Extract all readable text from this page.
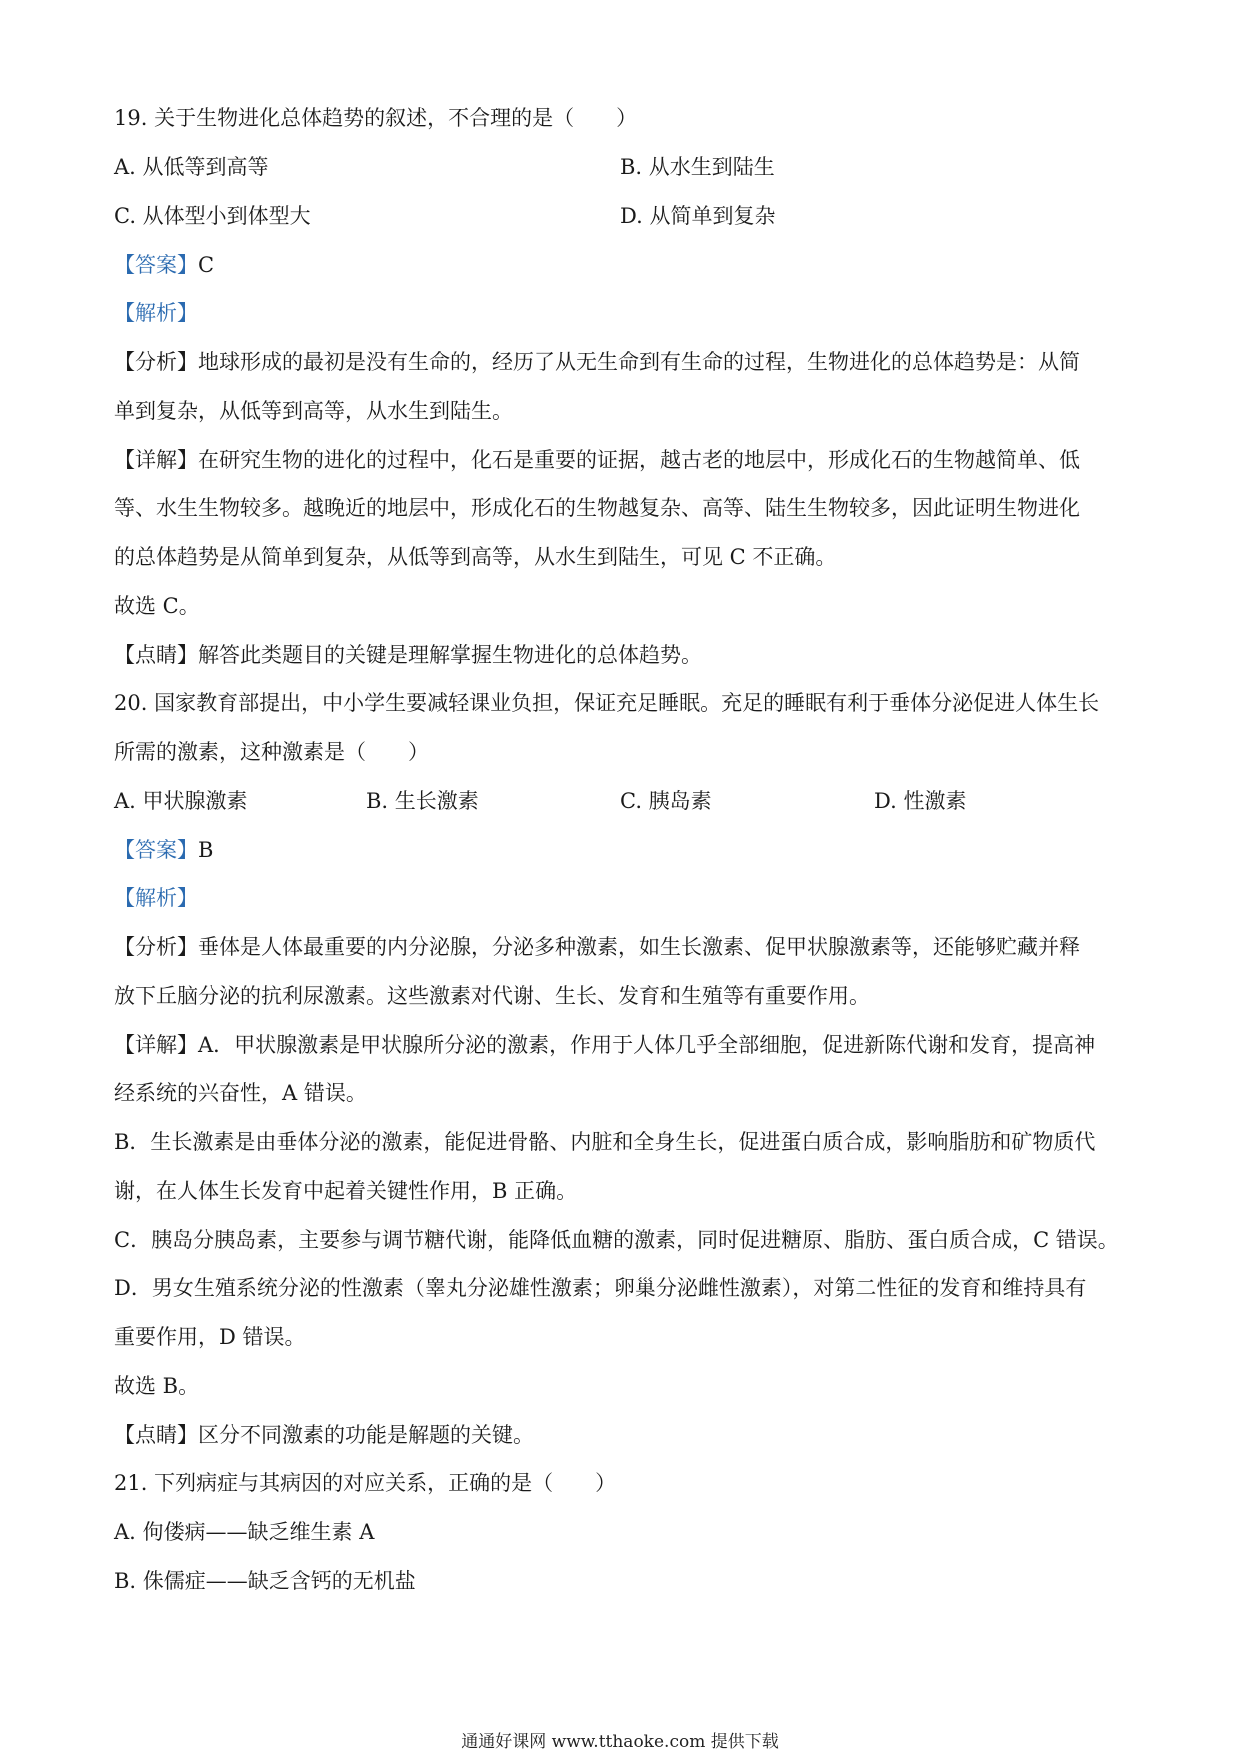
19. 关于生物进化总体趋势的叙述，不合理的是（　　）
A. 从低等到高等	B. 从水生到陆生
C. 从体型小到体型大	D. 从简单到复杂
【答案】C
【解析】
【分析】地球形成的最初是没有生命的，经历了从无生命到有生命的过程，生物进化的总体趋势是：从简
单到复杂，从低等到高等，从水生到陆生。
【详解】在研究生物的进化的过程中，化石是重要的证据，越古老的地层中，形成化石的生物越简单、低
等、水生生物较多。越晚近的地层中，形成化石的生物越复杂、高等、陆生生物较多，因此证明生物进化
的总体趋势是从简单到复杂，从低等到高等，从水生到陆生，可见 C 不正确。
故选 C。
【点睛】解答此类题目的关键是理解掌握生物进化的总体趋势。
20. 国家教育部提出，中小学生要减轻课业负担，保证充足睡眠。充足的睡眠有利于垂体分泌促进人体生长
所需的激素，这种激素是（　　）
A. 甲状腺激素	B. 生长激素	C. 胰岛素	D. 性激素
【答案】B
【解析】
【分析】垂体是人体最重要的内分泌腺，分泌多种激素，如生长激素、促甲状腺激素等，还能够贮藏并释
放下丘脑分泌的抗利尿激素。这些激素对代谢、生长、发育和生殖等有重要作用。
【详解】A．甲状腺激素是甲状腺所分泌的激素，作用于人体几乎全部细胞，促进新陈代谢和发育，提高神
经系统的兴奋性，A 错误。
B．生长激素是由垂体分泌的激素，能促进骨骼、内脏和全身生长，促进蛋白质合成，影响脂肪和矿物质代
谢，在人体生长发育中起着关键性作用，B 正确。
C．胰岛分胰岛素，主要参与调节糖代谢，能降低血糖的激素，同时促进糖原、脂肪、蛋白质合成，C 错误。
D．男女生殖系统分泌的性激素（睾丸分泌雄性激素；卵巢分泌雌性激素），对第二性征的发育和维持具有
重要作用，D 错误。
故选 B。
【点睛】区分不同激素的功能是解题的关键。
21. 下列病症与其病因的对应关系，正确的是（　　）
A. 佝偻病——缺乏维生素 A
B. 侏儒症——缺乏含钙的无机盐
通通好课网 www.tthaoke.com 提供下载
